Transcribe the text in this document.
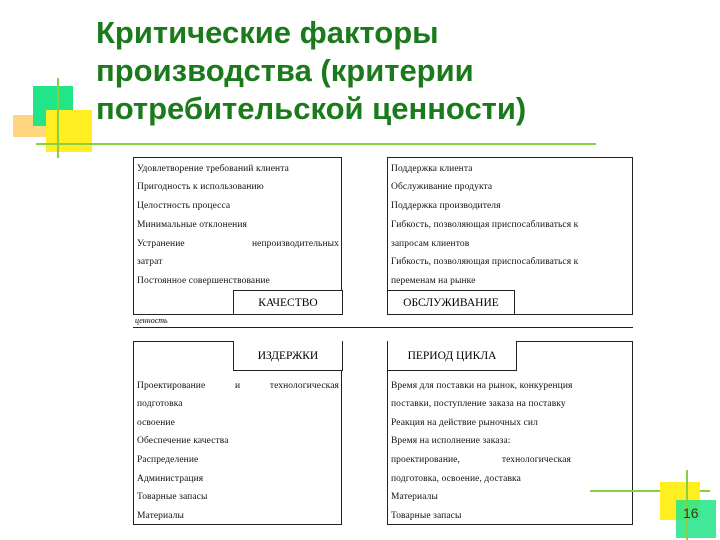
Критические факторы
производства (критерии
потребительской ценности)
Удовлетворение требований клиента
Пригодность к использованию
Целостность процесса
Минимальные отклонения
Устранение	непроизводительных
затрат
Постоянное совершенствование
КАЧЕСТВО
Поддержка клиента
Обслуживание продукта
Поддержка производителя
Гибкость, позволяющая приспосабливаться к
запросам клиентов
Гибкость, позволяющая приспосабливаться к
переменам на рынке
ОБСЛУЖИВАНИЕ
ценность
ИЗДЕРЖКИ
Проектирование	и	технологическая
подготовка
освоение
Обеспечение качества
Распределение
Администрация
Товарные запасы
Материалы
ПЕРИОД ЦИКЛА
Время для поставки на рынок, конкуренция
поставки, поступление заказа на поставку
Реакция на действие рыночных сил
Время на исполнение заказа:
проектирование,	технологическая
подготовка, освоение, доставка
Материалы
Товарные запасы	16
